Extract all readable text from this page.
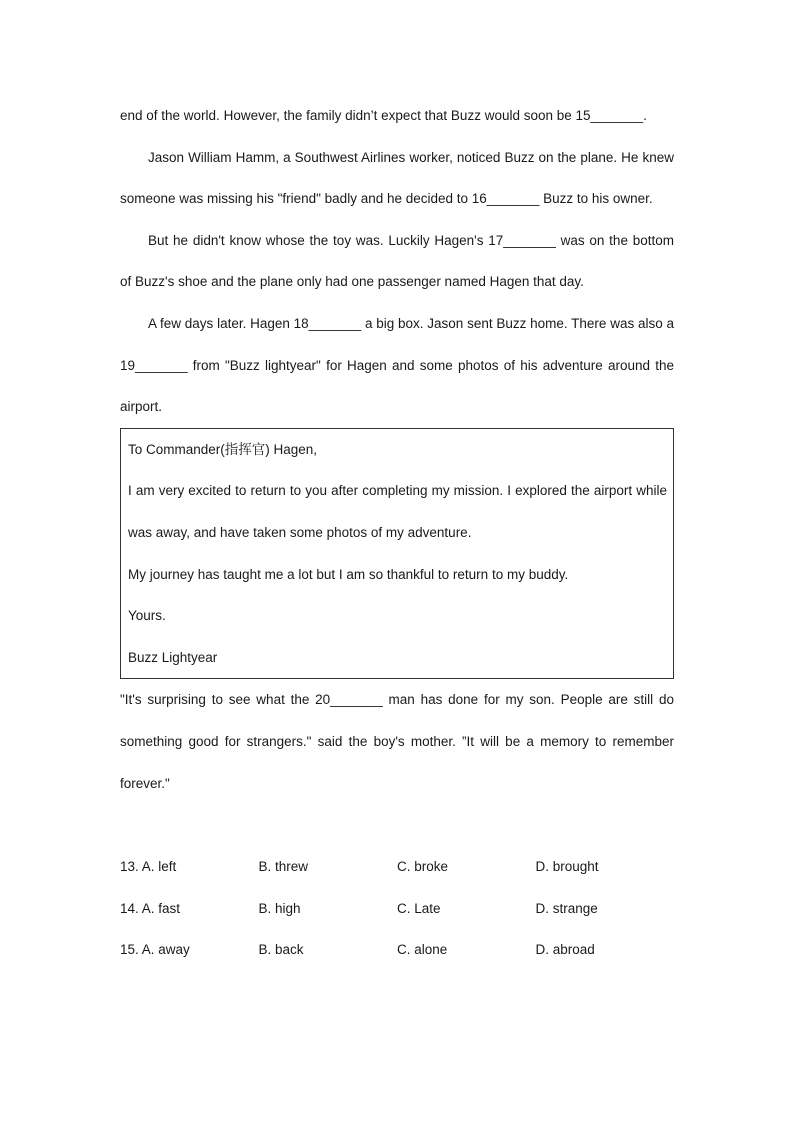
end of the world. However, the family didn’t expect that Buzz would soon be 15_______.

Jason William Hamm, a Southwest Airlines worker, noticed Buzz on the plane. He knew someone was missing his "friend" badly and he decided to 16_______ Buzz to his owner.

But he didn't know whose the toy was. Luckily Hagen's 17_______ was on the bottom of Buzz's shoe and the plane only had one passenger named Hagen that day.

A few days later. Hagen 18_______ a big box. Jason sent Buzz home. There was also a 19_______ from "Buzz lightyear" for Hagen and some photos of his adventure around the airport.

To Commander(指挥官) Hagen,

I am very excited to return to you after completing my mission. I explored the airport while was away, and have taken some photos of my adventure.

My journey has taught me a lot but I am so thankful to return to my buddy.

Yours.

Buzz Lightyear

"It's surprising to see what the 20_______ man has done for my son. People are still do something good for strangers." said the boy's mother. ”It will be a memory to remember forever."

13. A. left	B. threw	C. broke	D. brought
14. A. fast	B. high	C. Late	D. strange
15. A. away	B. back	C. alone	D. abroad
